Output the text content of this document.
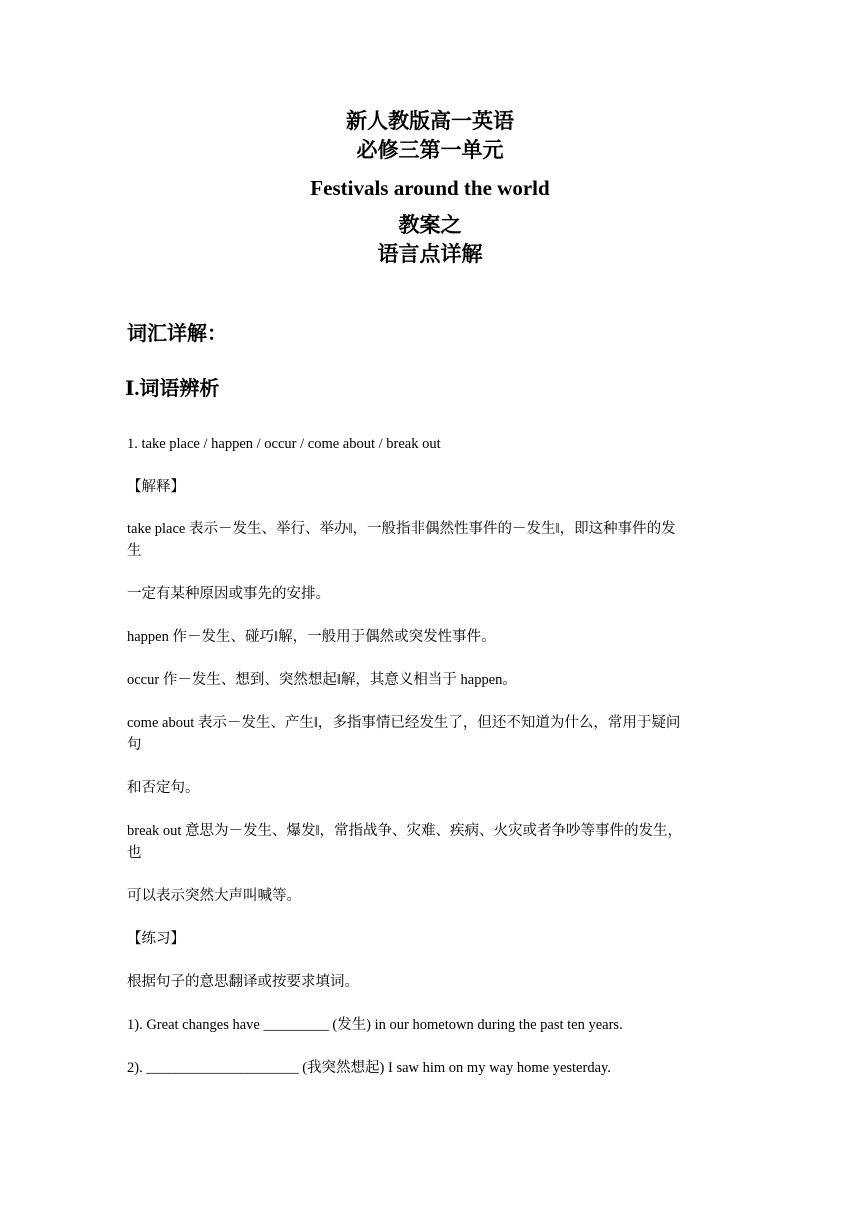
新人教版高一英语
必修三第一单元
Festivals around the world
教案之
语言点详解
词汇详解：
Ⅰ.词语辨析
1. take place / happen / occur / come about / break out
【解释】
take place 表示－发生、举行、举办‖，一般指非偶然性事件的－发生‖，即这种事件的发生
一定有某种原因或事先的安排。
happen 作－发生、碰巧‖解，一般用于偶然或突发性事件。
occur 作－发生、想到、突然想起‖解，其意义相当于 happen。
come about 表示－发生、产生‖，多指事情已经发生了，但还不知道为什么，常用于疑问句
和否定句。
break out 意思为－发生、爆发‖，常指战争、灾难、疾病、火灾或者争吵等事件的发生，也
可以表示突然大声叫喊等。
【练习】
根据句子的意思翻译或按要求填词。
1). Great changes have _________ (发生) in our hometown during the past ten years.
2). _____________________ (我突然想起) I saw him on my way home yesterday.
